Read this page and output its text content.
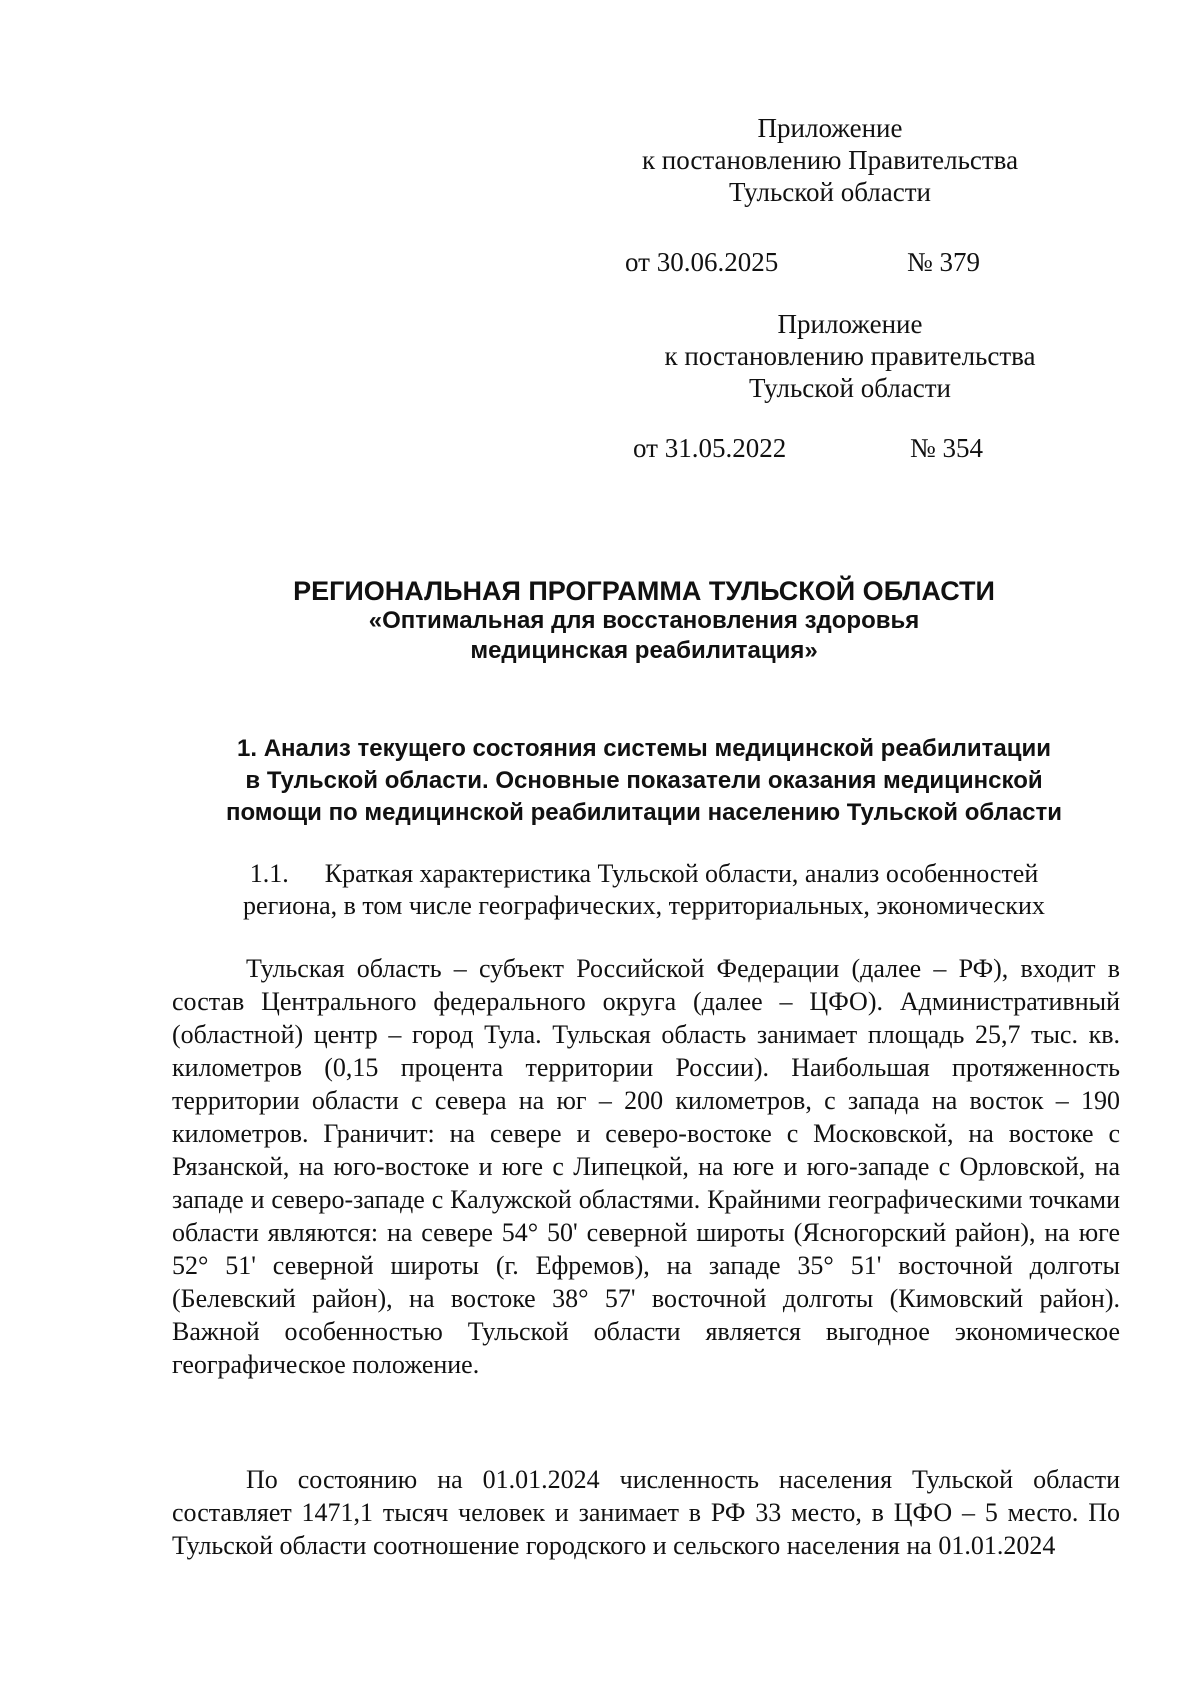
Приложение
к постановлению Правительства
Тульской области
от 30.06.2025	№ 379
Приложение
к постановлению правительства
Тульской области
от 31.05.2022	№ 354
РЕГИОНАЛЬНАЯ ПРОГРАММА ТУЛЬСКОЙ ОБЛАСТИ
«Оптимальная для восстановления здоровья
медицинская реабилитация»
1. Анализ текущего состояния системы медицинской реабилитации
в Тульской области. Основные показатели оказания медицинской
помощи по медицинской реабилитации населению Тульской области
1.1. Краткая характеристика Тульской области, анализ особенностей
региона, в том числе географических, территориальных, экономических

Тульская область – субъект Российской Федерации (далее – РФ), входит в состав Центрального федерального округа (далее – ЦФО). Административный (областной) центр – город Тула. Тульская область занимает площадь 25,7 тыс. кв. километров (0,15 процента территории России). Наибольшая протяженность территории области с севера на юг – 200 километров, с запада на восток – 190 километров. Граничит: на севере и северо-востоке с Московской, на востоке с Рязанской, на юго-востоке и юге с Липецкой, на юге и юго-западе с Орловской, на западе и северо-западе с Калужской областями. Крайними географическими точками области являются: на севере 54° 50' северной широты (Ясногорский район), на юге 52° 51' северной широты (г. Ефремов), на западе 35° 51' восточной долготы (Белевский район), на востоке 38° 57' восточной долготы (Кимовский район). Важной особенностью Тульской области является выгодное экономическое географическое положение.

По состоянию на 01.01.2024 численность населения Тульской области составляет 1471,1 тысяч человек и занимает в РФ 33 место, в ЦФО – 5 место. По Тульской области соотношение городского и сельского населения на 01.01.2024
